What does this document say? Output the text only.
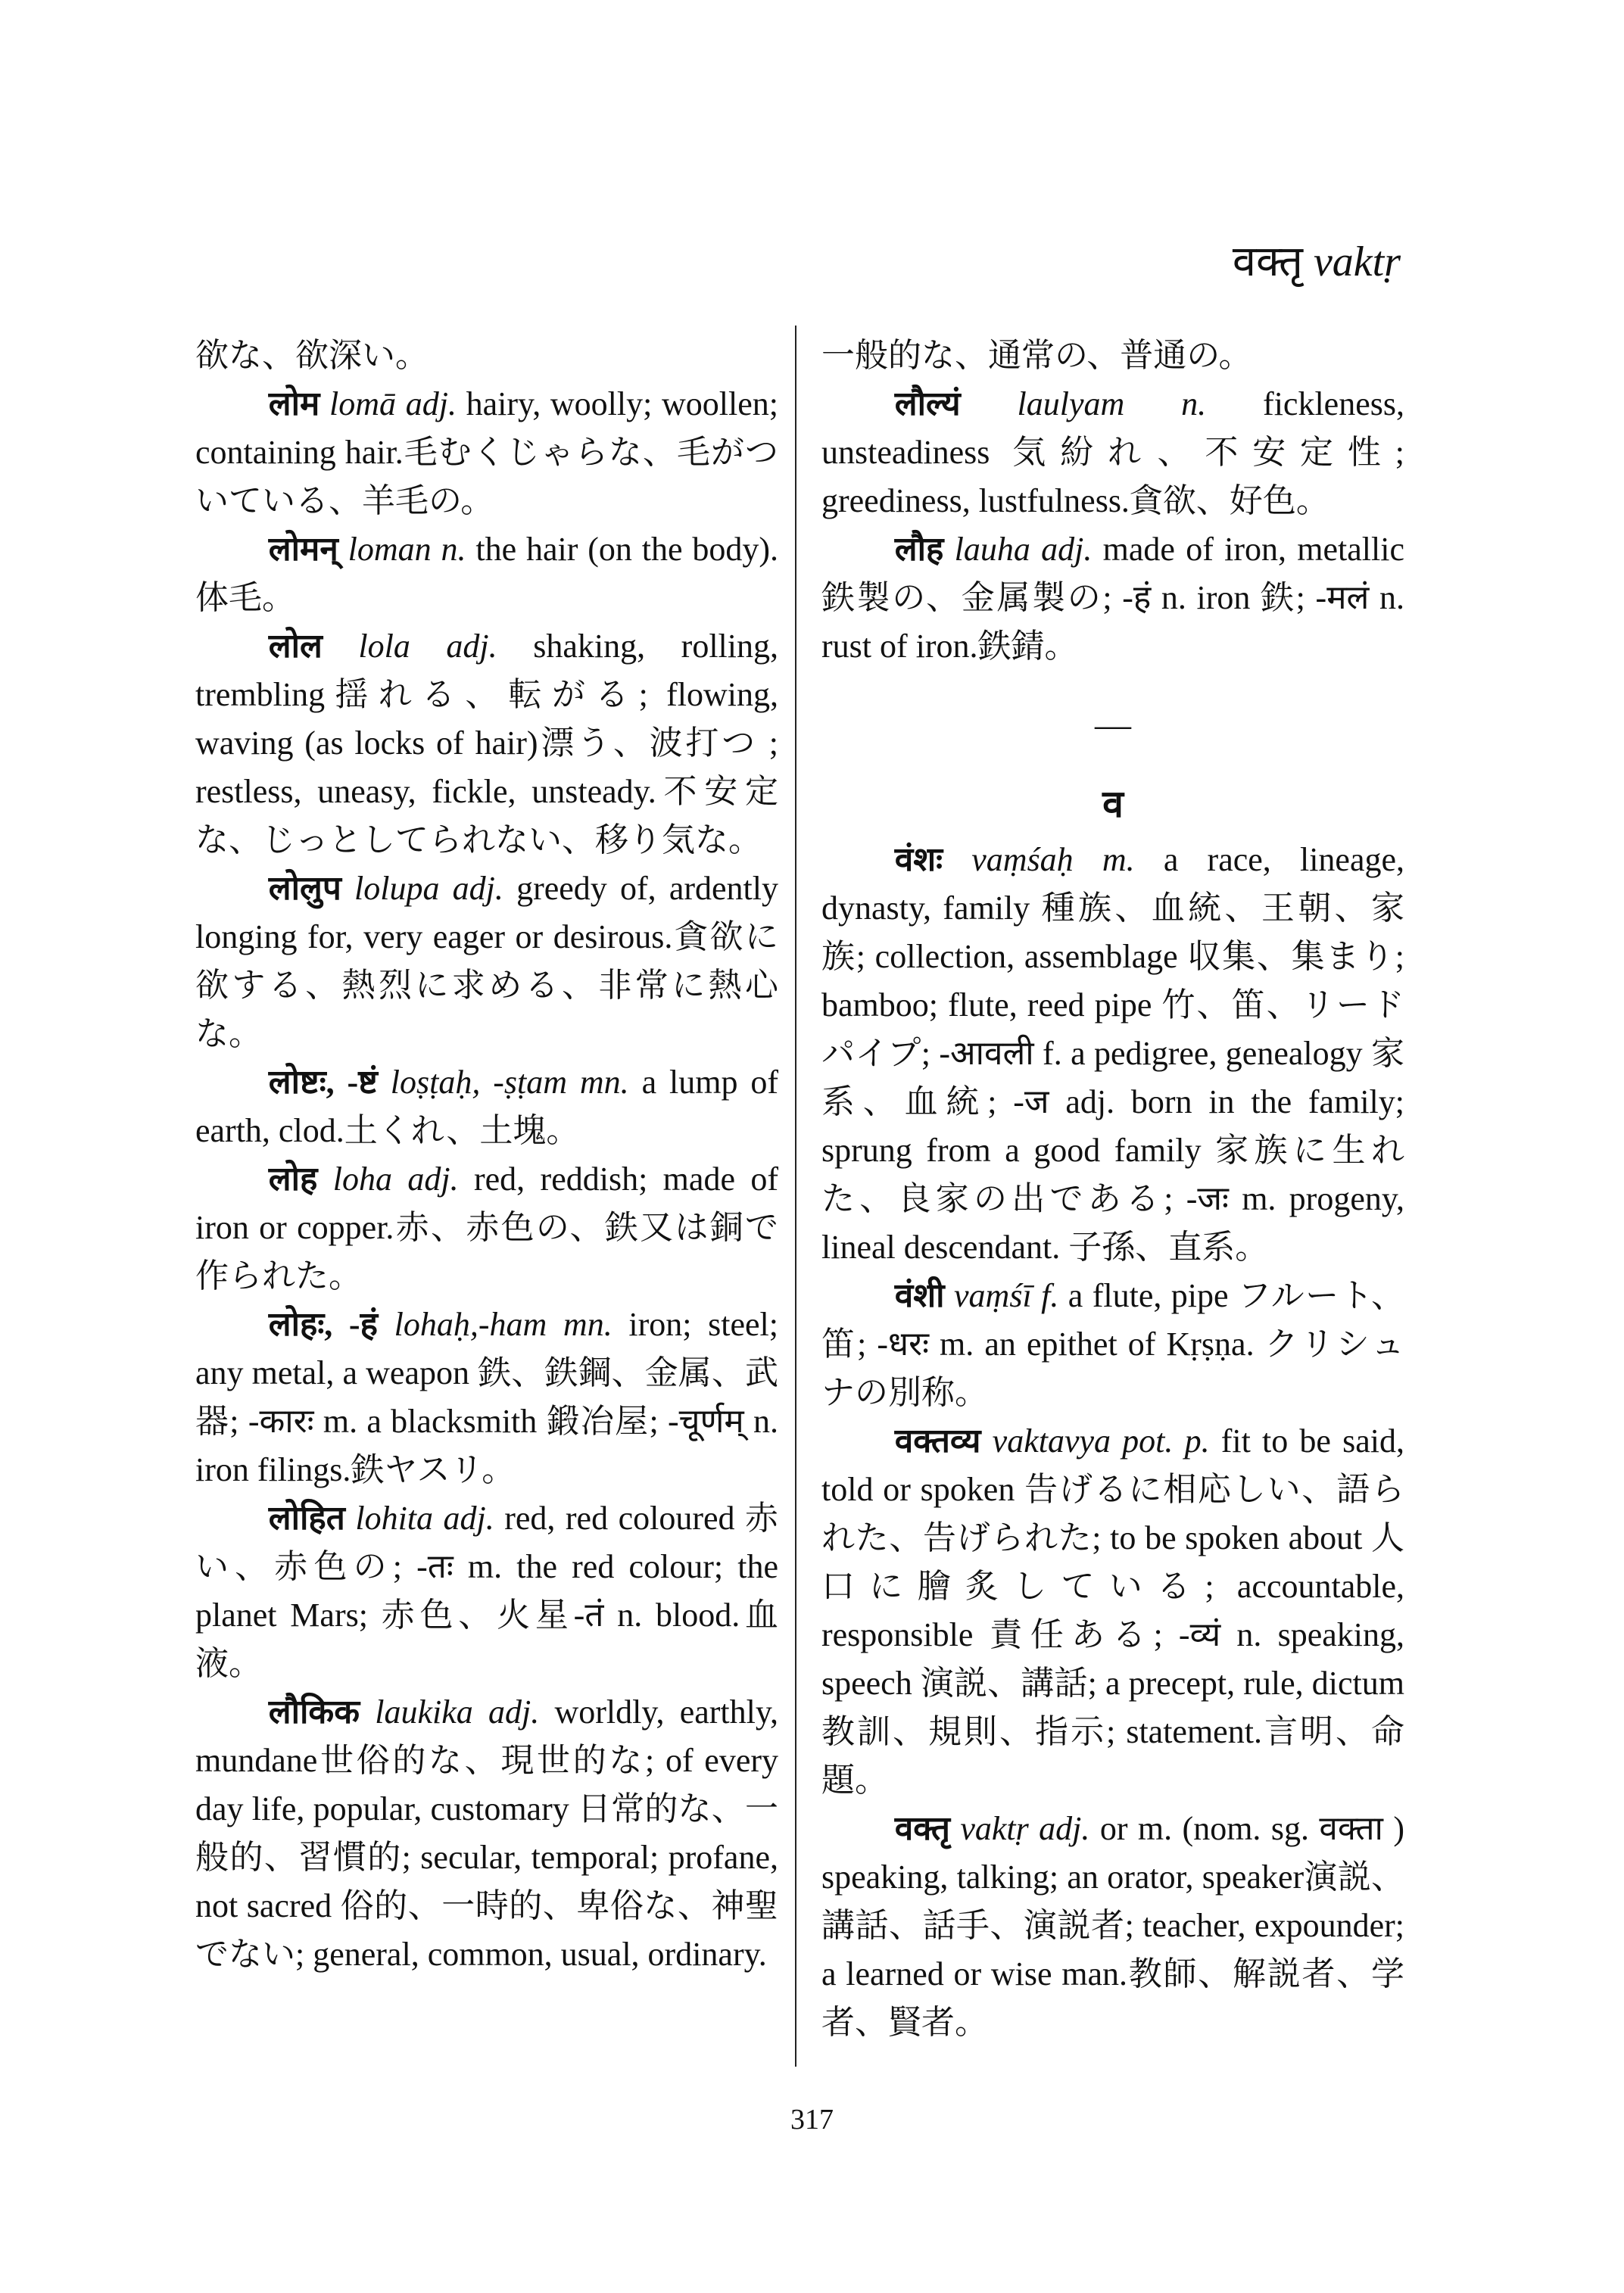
वक्तृ vaktṛ

欲な、欲深い。

लोम lomā adj. hairy, woolly; woollen; containing hair.毛むくじゃらな、毛がついている、羊毛の。

लोमन् loman n. the hair (on the body).体毛。

लोल lola adj. shaking, rolling, trembling揺れる、転がる; flowing, waving (as locks of hair)漂う、波打つ ; restless, uneasy, fickle, unsteady.不安定な、じっとしてられない、移り気な。

लोलुप lolupa adj. greedy of, ardently longing for, very eager or desirous.貪欲に欲する、熱烈に求める、非常に熱心な。

लोष्टः, -ष्टं loṣṭaḥ, -ṣṭam mn. a lump of earth, clod.土くれ、土塊。

लोह loha adj. red, reddish; made of iron or copper.赤、赤色の、鉄又は銅で作られた。

लोहः, -हं lohaḥ,-ham mn. iron; steel; any metal, a weapon 鉄、鉄鋼、金属、武器; -कारः m. a blacksmith 鍛冶屋; -चूर्णम् n. iron filings.鉄ヤスリ。

लोहित lohita adj. red, red coloured 赤い、赤色の; -तः m. the red colour; the planet Mars; 赤色、火星-तं n. blood.血液。

लौकिक laukika adj. worldly, earthly, mundane世俗的な、現世的な; of every day life, popular, customary 日常的な、一般的、習慣的; secular, temporal; profane, not sacred 俗的、一時的、卑俗な、神聖でない; general, common, usual, ordinary.

一般的な、通常の、普通の。

लौल्यं laulyam n. fickleness, unsteadiness 気紛れ、不安定性; greediness, lustfulness.貪欲、好色。

लौह lauha adj. made of iron, metallic 鉄製の、金属製の; -हं n. iron 鉄; -मलं n. rust of iron.鉄錆。

—
व

वंशः vaṃśaḥ m. a race, lineage, dynasty, family 種族、血統、王朝、家族; collection, assemblage 収集、集まり; bamboo; flute, reed pipe 竹、笛、リードパイプ; -आवली f. a pedigree, genealogy 家系、血統; -ज adj. born in the family; sprung from a good family 家族に生れた、良家の出である; -जः m. progeny, lineal descendant. 子孫、直系。

वंशी vaṃśī f. a flute, pipe フルート、笛; -धरः m. an epithet of Kṛṣṇa. クリシュナの別称。

वक्तव्य vaktavya pot. p. fit to be said, told or spoken 告げるに相応しい、語られた、告げられた; to be spoken about 人口に膾炙している; accountable, responsible 責任ある; -व्यं n. speaking, speech 演説、講話; a precept, rule, dictum 教訓、規則、指示; statement.言明、命題。

वक्तृ vaktṛ adj. or m. (nom. sg. वक्ता ) speaking, talking; an orator, speaker演説、講話、話手、演説者; teacher, expounder; a learned or wise man.教師、解説者、学者、賢者。

317
